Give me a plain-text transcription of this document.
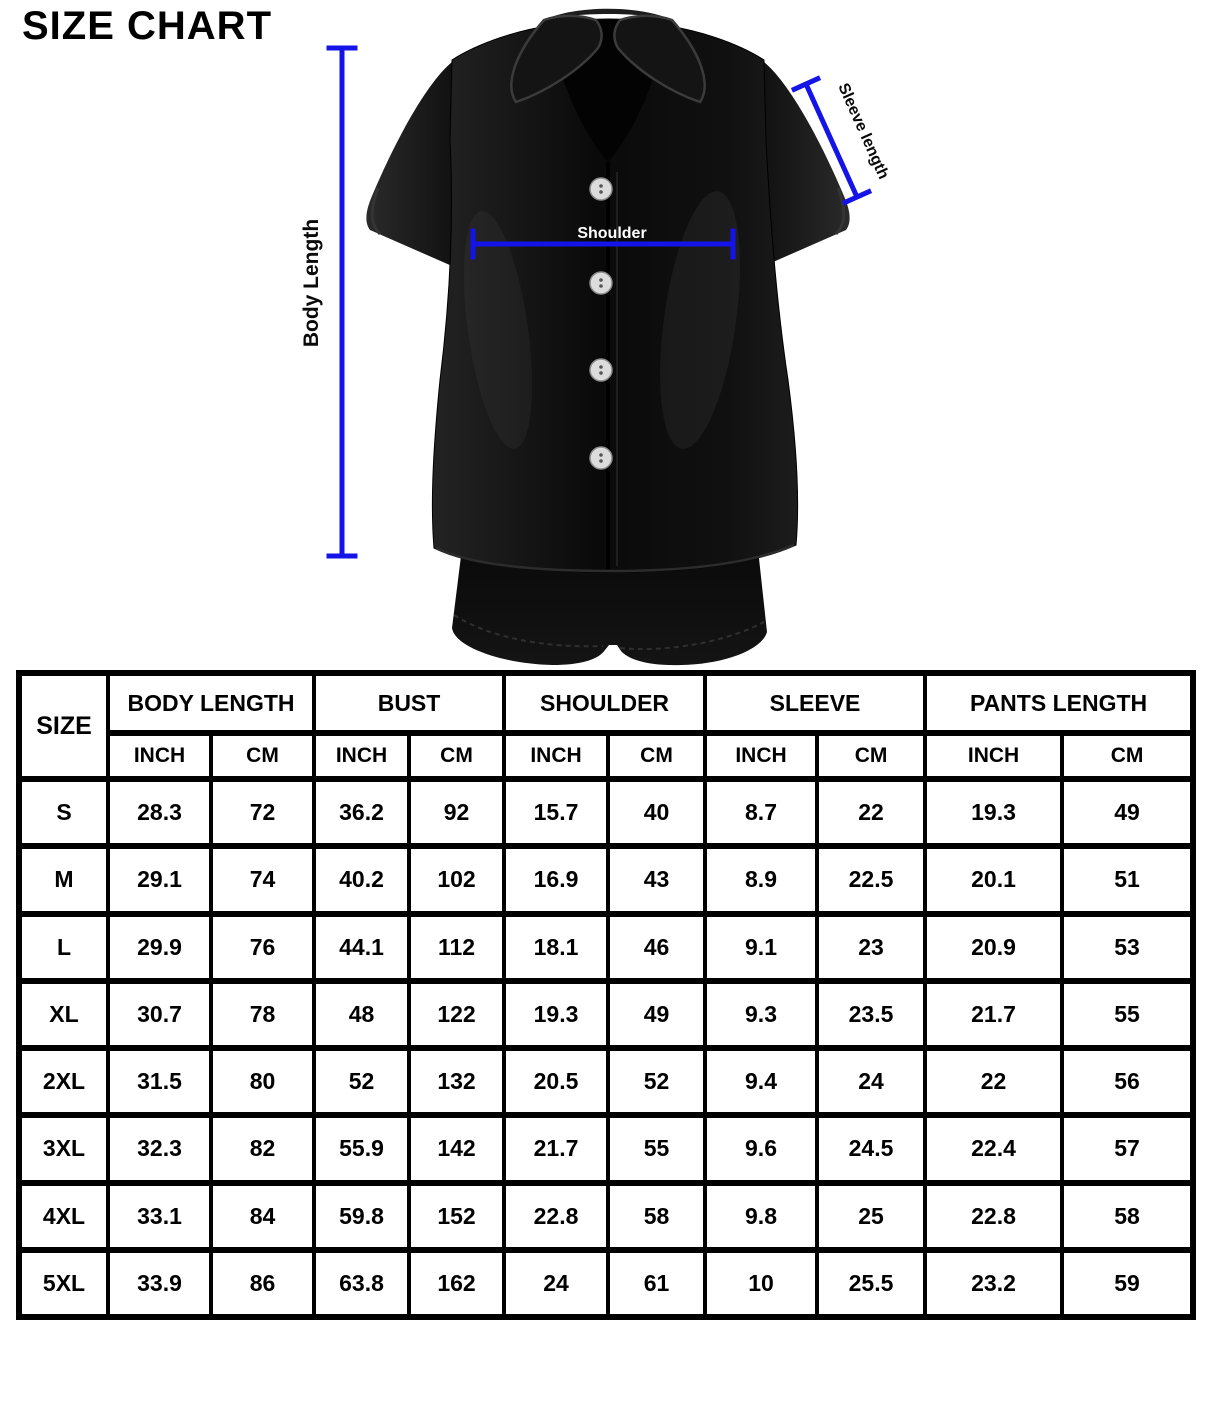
SIZE CHART
Body Length	Shoulder
Sleeve length
SIZE	BODY LENGTH		BUST		SHOULDER		SLEEVE		PANTS LENGTH	
	INCH	CM	INCH	CM	INCH	CM	INCH	CM	INCH	CM
S	28.3	72	36.2	92	15.7	40	8.7	22	19.3	49
M	29.1	74	40.2	102	16.9	43	8.9	22.5	20.1	51
L	29.9	76	44.1	112	18.1	46	9.1	23	20.9	53
XL	30.7	78	48	122	19.3	49	9.3	23.5	21.7	55
2XL	31.5	80	52	132	20.5	52	9.4	24	22	56
3XL	32.3	82	55.9	142	21.7	55	9.6	24.5	22.4	57
4XL	33.1	84	59.8	152	22.8	58	9.8	25	22.8	58
5XL	33.9	86	63.8	162	24	61	10	25.5	23.2	59
